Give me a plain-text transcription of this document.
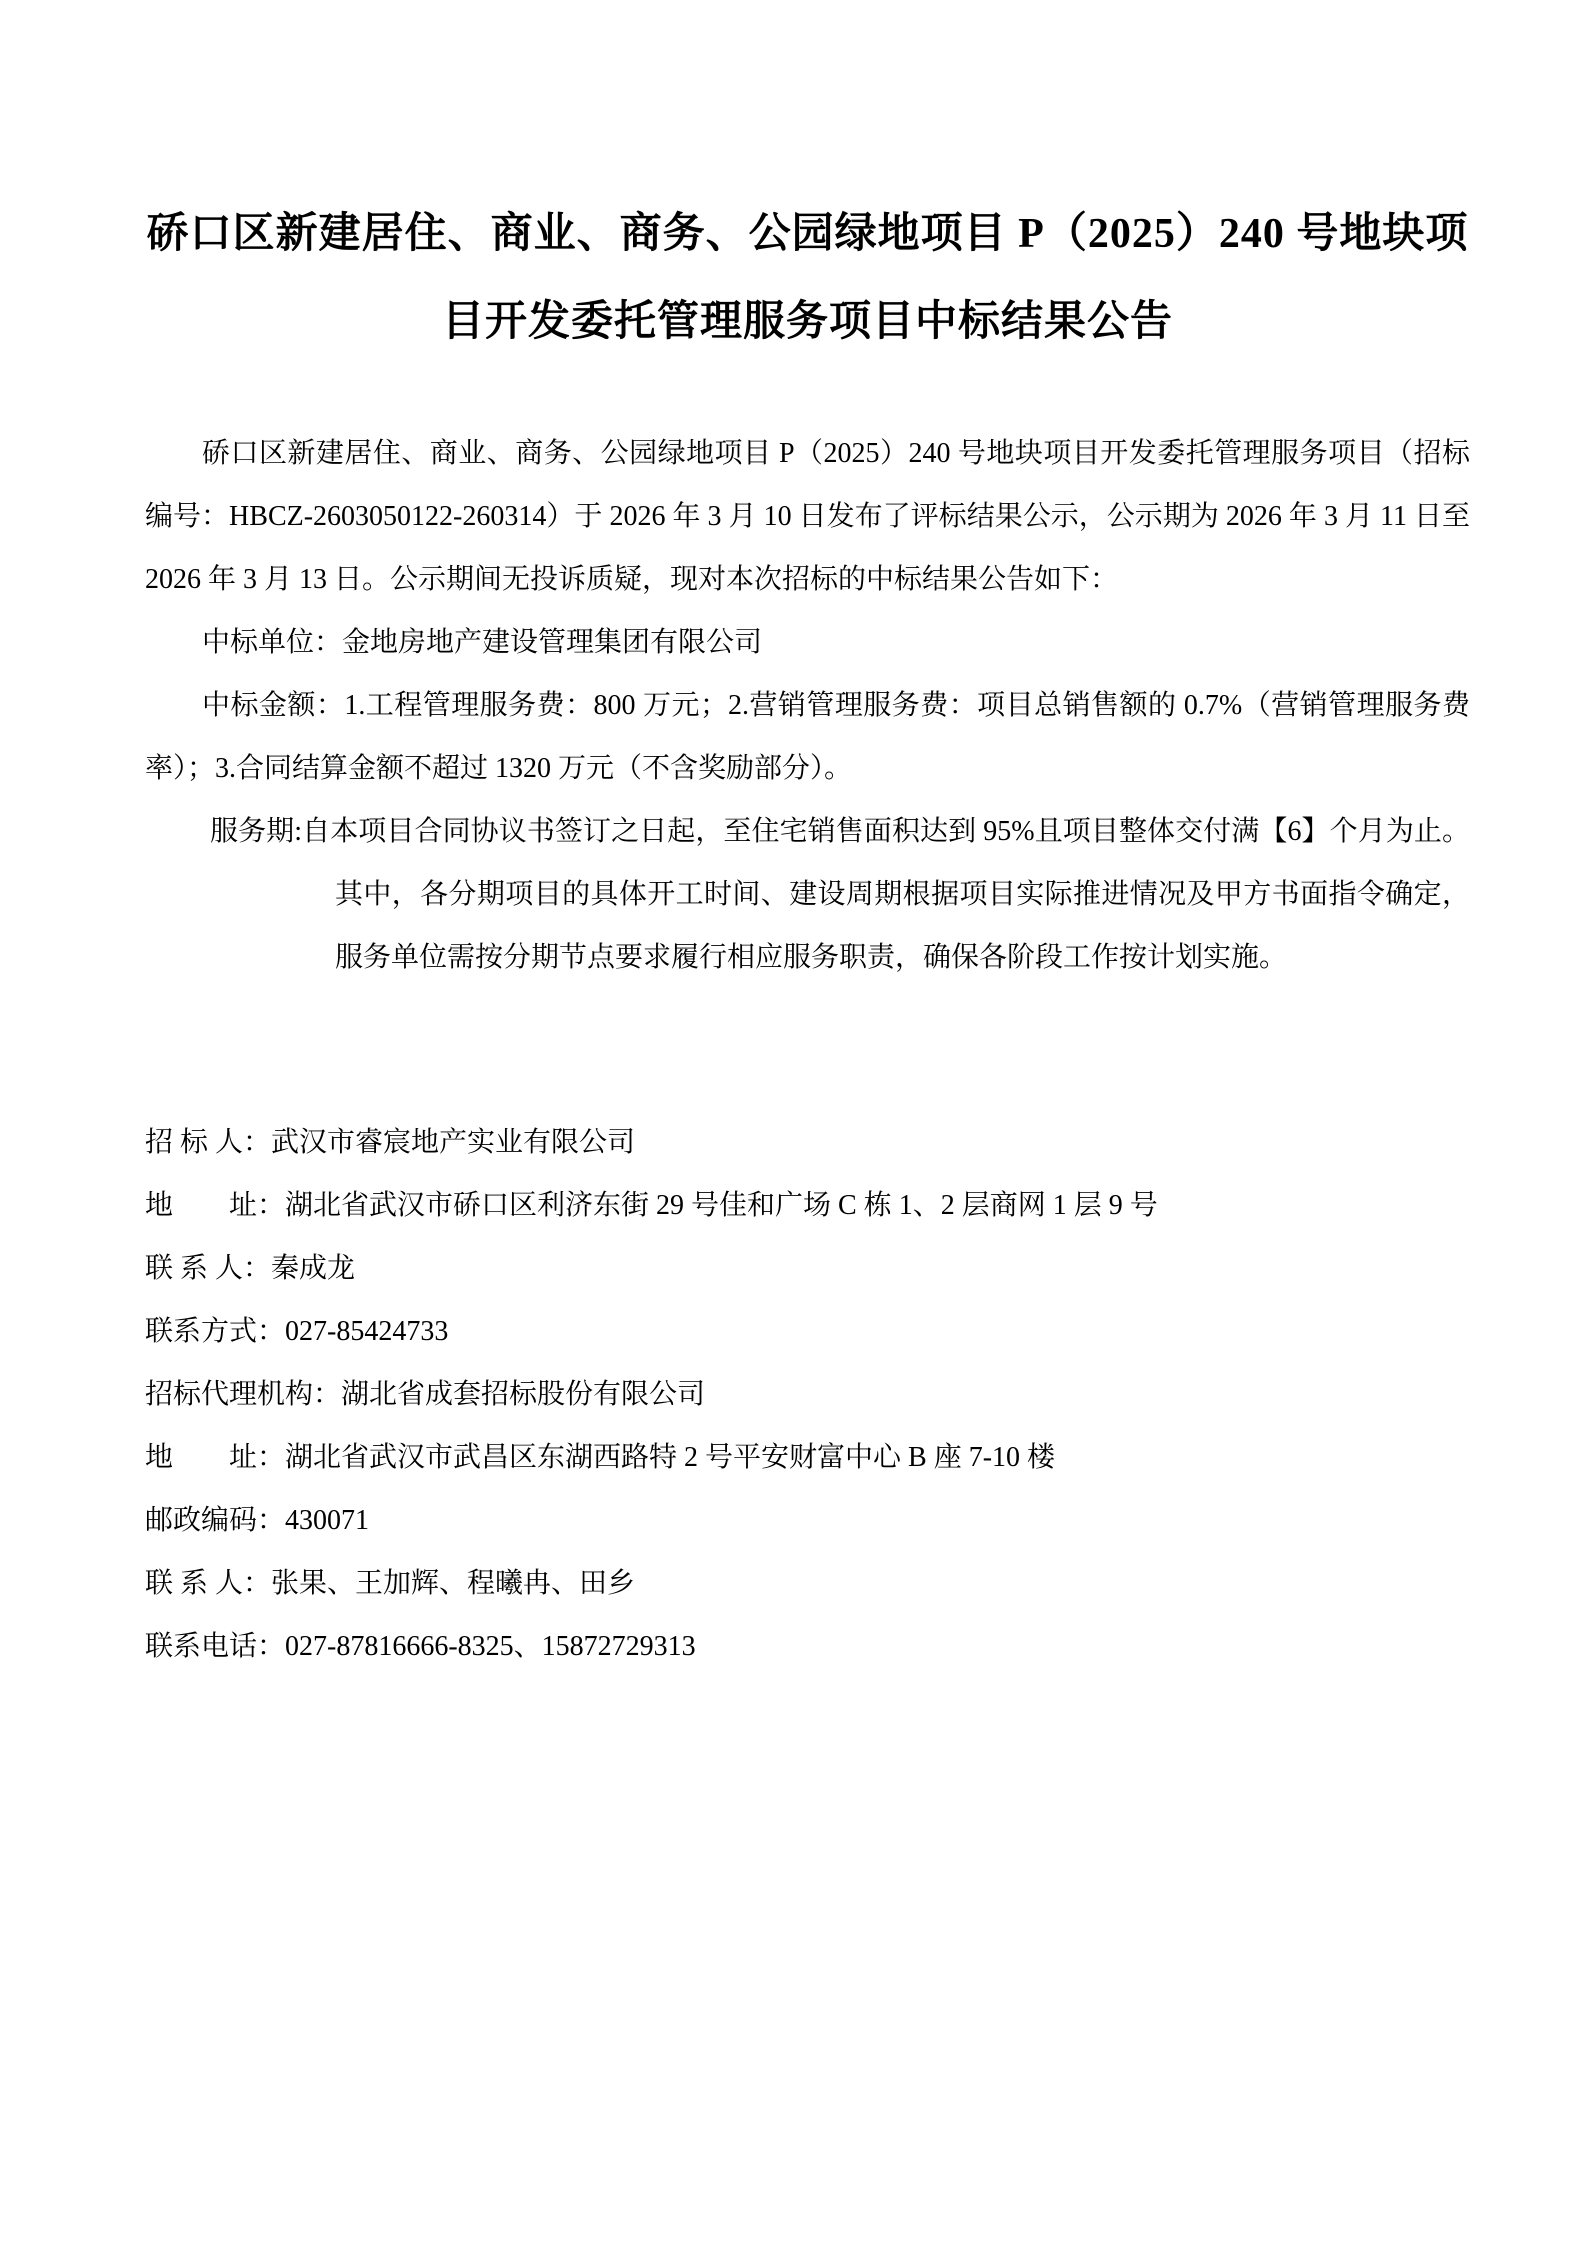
硚口区新建居住、商业、商务、公园绿地项目 P（2025）240 号地块项
目开发委托管理服务项目中标结果公告

硚口区新建居住、商业、商务、公园绿地项目 P（2025）240 号地块项目开发委托管理服务项目（招标编号：HBCZ-2603050122-260314）于 2026 年 3 月 10 日发布了评标结果公示，公示期为 2026 年 3 月 11 日至 2026 年 3 月 13 日。公示期间无投诉质疑，现对本次招标的中标结果公告如下：

中标单位：金地房地产建设管理集团有限公司

中标金额：1.工程管理服务费：800 万元；2.营销管理服务费：项目总销售额的 0.7%（营销管理服务费率）；3.合同结算金额不超过 1320 万元（不含奖励部分）。

服务期:自本项目合同协议书签订之日起，至住宅销售面积达到 95%且项目整体交付满【6】个月为止。其中，各分期项目的具体开工时间、建设周期根据项目实际推进情况及甲方书面指令确定，服务单位需按分期节点要求履行相应服务职责，确保各阶段工作按计划实施。

招 标 人：武汉市睿宸地产实业有限公司
地　　址：湖北省武汉市硚口区利济东街 29 号佳和广场 C 栋 1、2 层商网 1 层 9 号
联 系 人：秦成龙
联系方式：027-85424733
招标代理机构：湖北省成套招标股份有限公司
地　　址：湖北省武汉市武昌区东湖西路特 2 号平安财富中心 B 座 7-10 楼
邮政编码：430071
联 系 人：张果、王加辉、程曦冉、田乡
联系电话：027-87816666-8325、15872729313
